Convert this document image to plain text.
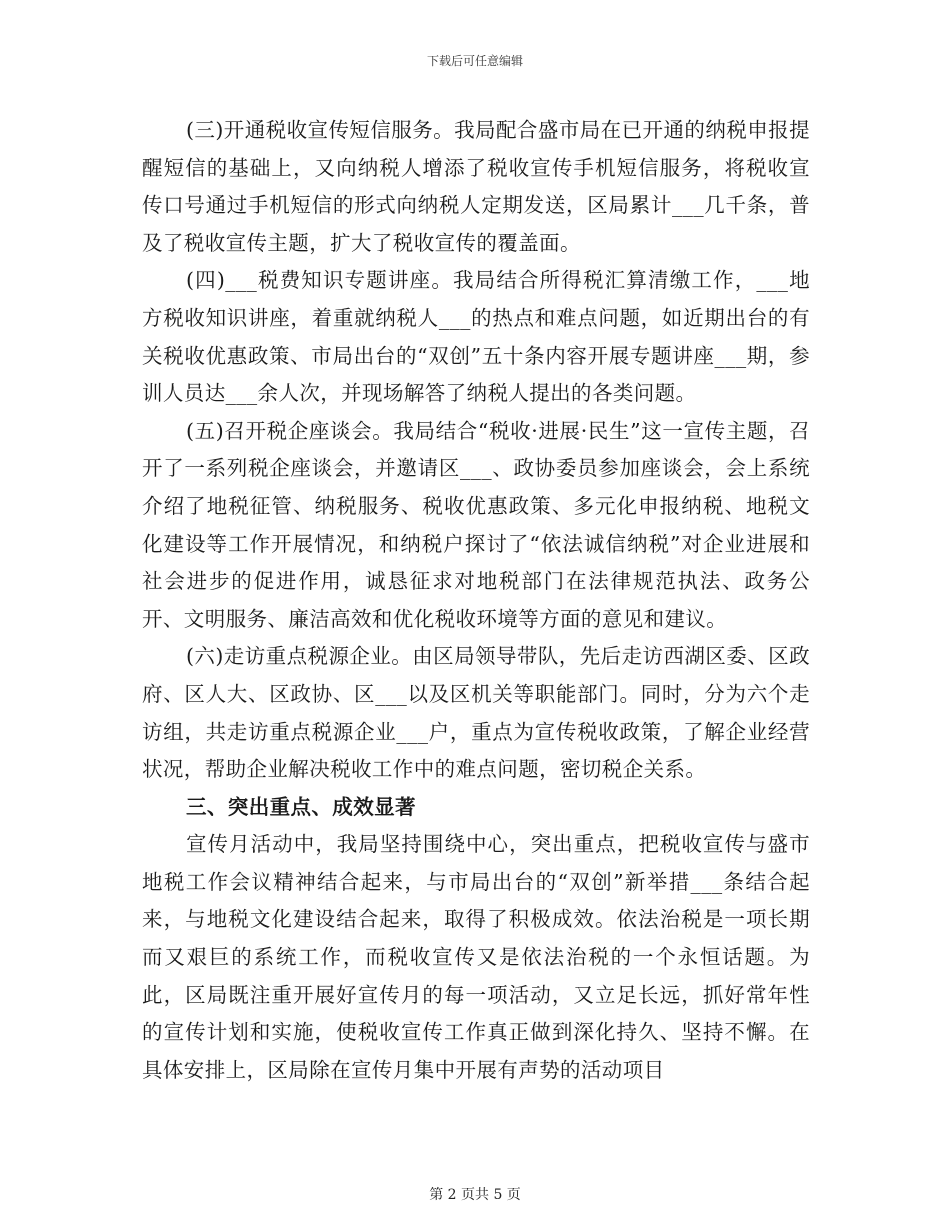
下载后可任意编辑

(三)开通税收宣传短信服务。我局配合盛市局在已开通的纳税申报提醒短信的基础上，又向纳税人增添了税收宣传手机短信服务，将税收宣传口号通过手机短信的形式向纳税人定期发送，区局累计___几千条，普及了税收宣传主题，扩大了税收宣传的覆盖面。

(四)___税费知识专题讲座。我局结合所得税汇算清缴工作，___地方税收知识讲座，着重就纳税人___的热点和难点问题，如近期出台的有关税收优惠政策、市局出台的“双创”五十条内容开展专题讲座___期，参训人员达___余人次，并现场解答了纳税人提出的各类问题。

(五)召开税企座谈会。我局结合“税收·进展·民生”这一宣传主题，召开了一系列税企座谈会，并邀请区___、政协委员参加座谈会，会上系统介绍了地税征管、纳税服务、税收优惠政策、多元化申报纳税、地税文化建设等工作开展情况，和纳税户探讨了“依法诚信纳税”对企业进展和社会进步的促进作用，诚恳征求对地税部门在法律规范执法、政务公开、文明服务、廉洁高效和优化税收环境等方面的意见和建议。

(六)走访重点税源企业。由区局领导带队，先后走访西湖区委、区政府、区人大、区政协、区___以及区机关等职能部门。同时，分为六个走访组，共走访重点税源企业___户，重点为宣传税收政策，了解企业经营状况，帮助企业解决税收工作中的难点问题，密切税企关系。

三、突出重点、成效显著

宣传月活动中，我局坚持围绕中心，突出重点，把税收宣传与盛市地税工作会议精神结合起来，与市局出台的“双创”新举措___条结合起来，与地税文化建设结合起来，取得了积极成效。依法治税是一项长期而又艰巨的系统工作，而税收宣传又是依法治税的一个永恒话题。为此，区局既注重开展好宣传月的每一项活动，又立足长远，抓好常年性的宣传计划和实施，使税收宣传工作真正做到深化持久、坚持不懈。在具体安排上，区局除在宣传月集中开展有声势的活动项目

第 2 页共 5 页
